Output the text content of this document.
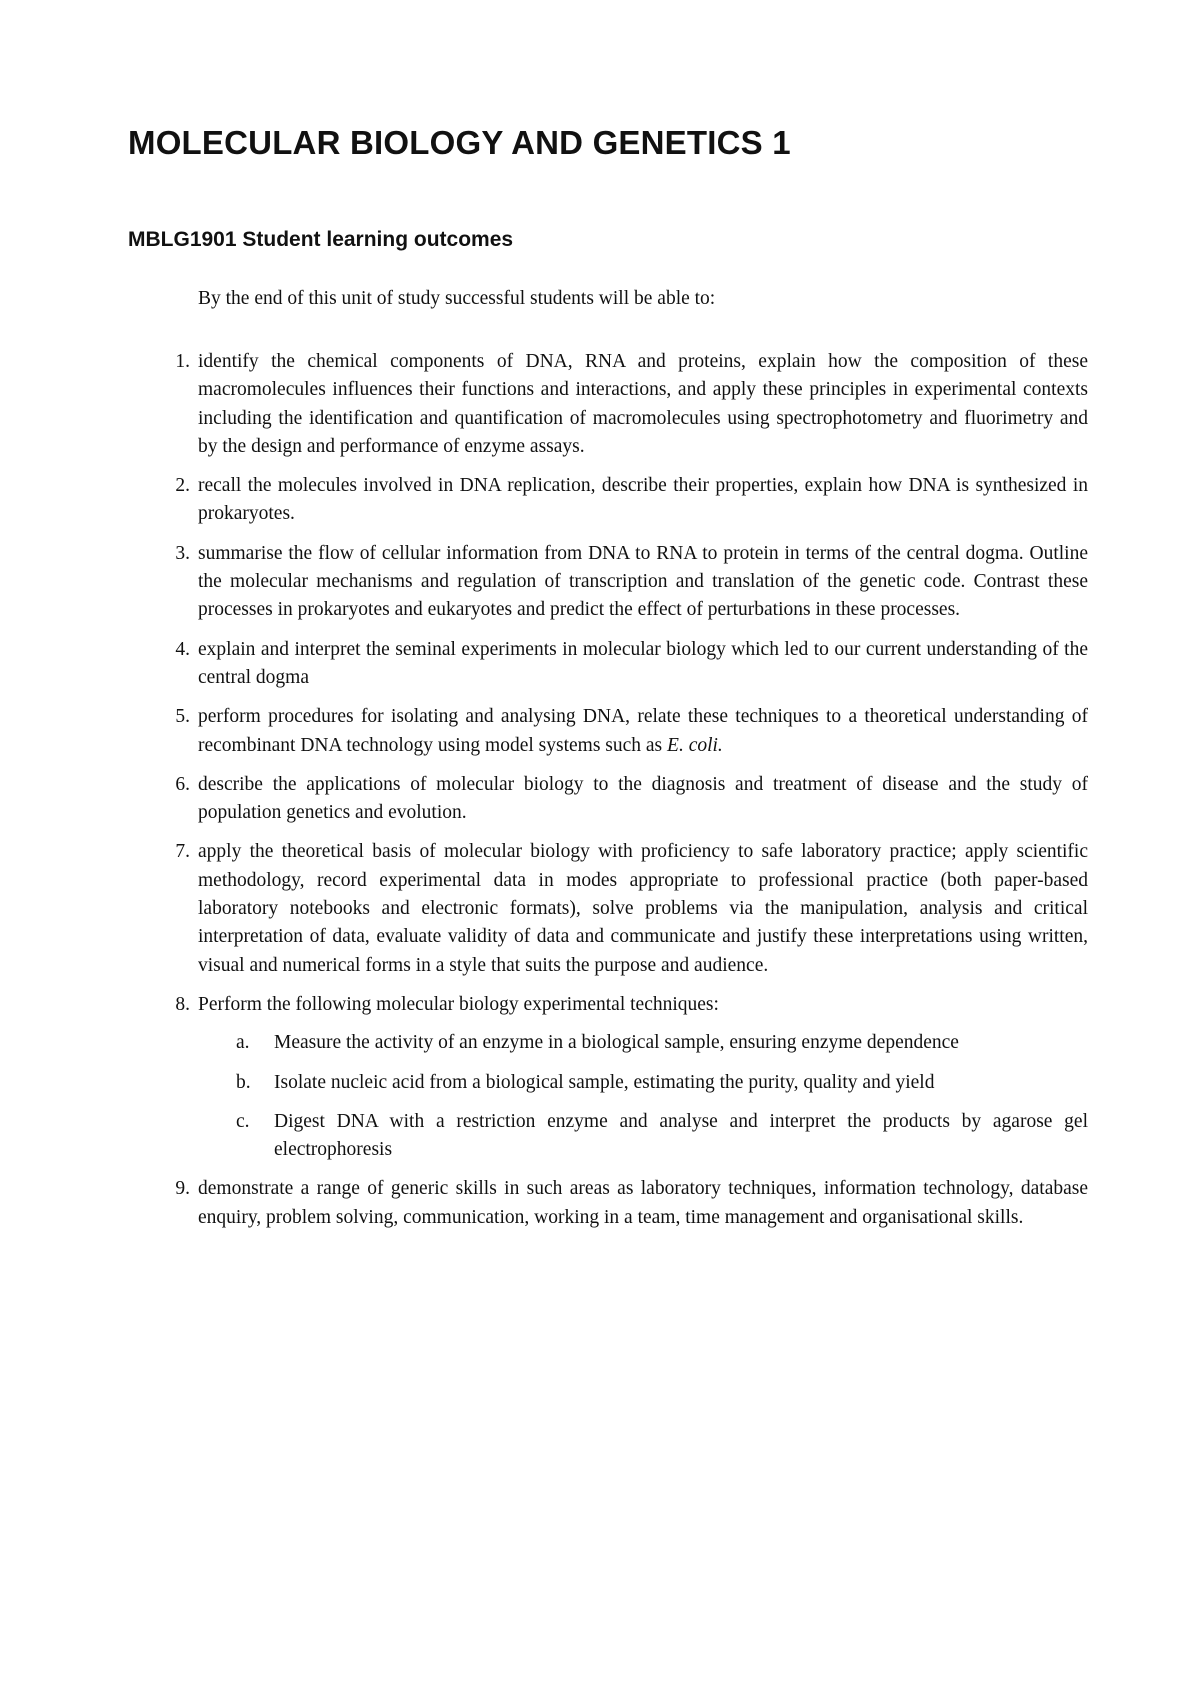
MOLECULAR BIOLOGY AND GENETICS 1
MBLG1901 Student learning outcomes

By the end of this unit of study successful students will be able to:

1. identify the chemical components of DNA, RNA and proteins, explain how the composition of these macromolecules influences their functions and interactions, and apply these principles in experimental contexts including the identification and quantification of macromolecules using spectrophotometry and fluorimetry and by the design and performance of enzyme assays.
2. recall the molecules involved in DNA replication, describe their properties, explain how DNA is synthesized in prokaryotes.
3. summarise the flow of cellular information from DNA to RNA to protein in terms of the central dogma. Outline the molecular mechanisms and regulation of transcription and translation of the genetic code. Contrast these processes in prokaryotes and eukaryotes and predict the effect of perturbations in these processes.
4. explain and interpret the seminal experiments in molecular biology which led to our current understanding of the central dogma
5. perform procedures for isolating and analysing DNA, relate these techniques to a theoretical understanding of recombinant DNA technology using model systems such as E. coli.
6. describe the applications of molecular biology to the diagnosis and treatment of disease and the study of population genetics and evolution.
7. apply the theoretical basis of molecular biology with proficiency to safe laboratory practice; apply scientific methodology, record experimental data in modes appropriate to professional practice (both paper-based laboratory notebooks and electronic formats), solve problems via the manipulation, analysis and critical interpretation of data, evaluate validity of data and communicate and justify these interpretations using written, visual and numerical forms in a style that suits the purpose and audience.
8. Perform the following molecular biology experimental techniques:
a.	Measure the activity of an enzyme in a biological sample, ensuring enzyme dependence
b.	Isolate nucleic acid from a biological sample, estimating the purity, quality and yield
c.	Digest DNA with a restriction enzyme and analyse and interpret the products by agarose gel electrophoresis
9. demonstrate a range of generic skills in such areas as laboratory techniques, information technology, database enquiry, problem solving, communication, working in a team, time management and organisational skills.
